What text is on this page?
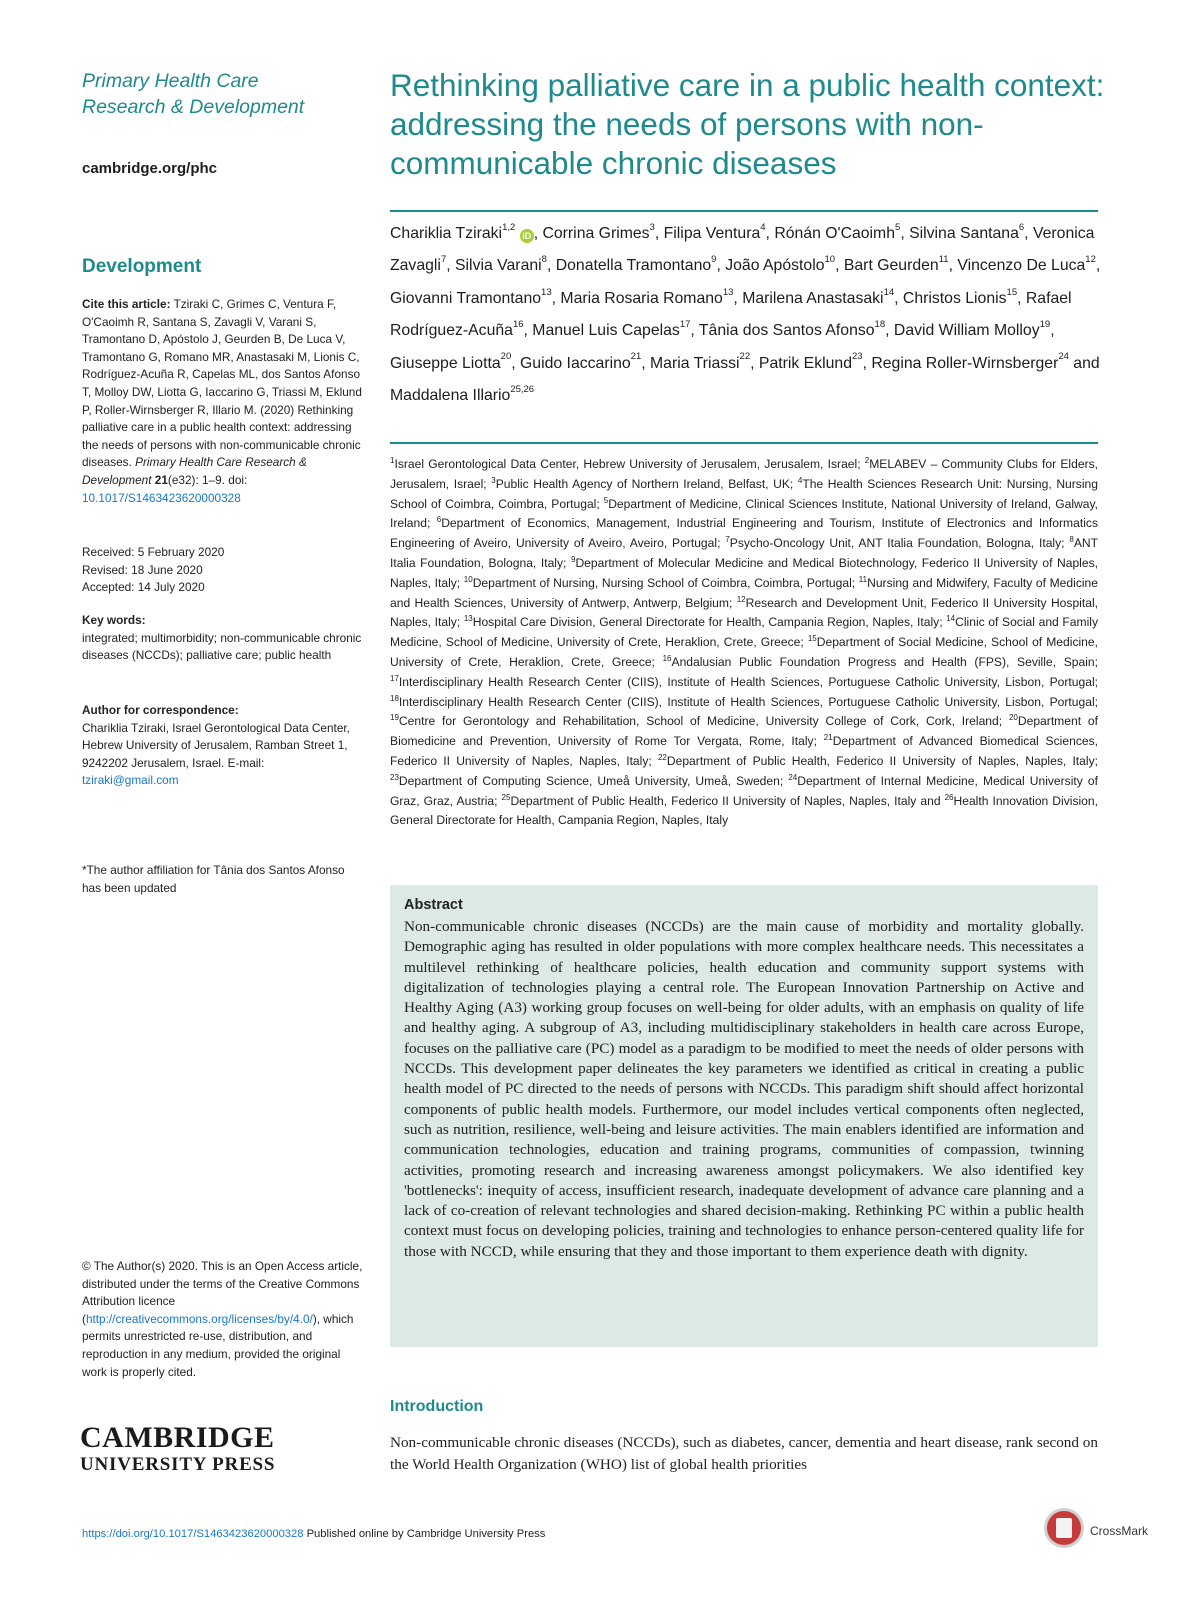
Primary Health Care
Research & Development
cambridge.org/phc
Development
Cite this article: Tziraki C, Grimes C, Ventura F, O'Caoimh R, Santana S, Zavagli V, Varani S, Tramontano D, Apóstolo J, Geurden B, De Luca V, Tramontano G, Romano MR, Anastasaki M, Lionis C, Rodríguez-Acuña R, Capelas ML, dos Santos Afonso T, Molloy DW, Liotta G, Iaccarino G, Triassi M, Eklund P, Roller-Wirnsberger R, Illario M. (2020) Rethinking palliative care in a public health context: addressing the needs of persons with non-communicable chronic diseases. Primary Health Care Research & Development 21(e32): 1–9. doi: 10.1017/S1463423620000328
Received: 5 February 2020
Revised: 18 June 2020
Accepted: 14 July 2020
Key words:
integrated; multimorbidity; non-communicable chronic diseases (NCCDs); palliative care; public health
Author for correspondence:
Chariklia Tziraki, Israel Gerontological Data Center, Hebrew University of Jerusalem, Ramban Street 1, 9242202 Jerusalem, Israel. E-mail: tziraki@gmail.com
*The author affiliation for Tânia dos Santos Afonso has been updated
© The Author(s) 2020. This is an Open Access article, distributed under the terms of the Creative Commons Attribution licence (http://creativecommons.org/licenses/by/4.0/), which permits unrestricted re-use, distribution, and reproduction in any medium, provided the original work is properly cited.
CAMBRIDGE
UNIVERSITY PRESS
Rethinking palliative care in a public health context: addressing the needs of persons with non-communicable chronic diseases
Chariklia Tziraki$^{1,2}$ iD , Corrina Grimes$^3$, Filipa Ventura$^4$, Rónán O'Caoimh$^5$, Silvina Santana$^6$, Veronica Zavagli$^7$, Silvia Varani$^8$, Donatella Tramontano$^9$, João Apóstolo$^{10}$, Bart Geurden$^{11}$, Vincenzo De Luca$^{12}$, Giovanni Tramontano$^{13}$, Maria Rosaria Romano$^{13}$, Marilena Anastasaki$^{14}$, Christos Lionis$^{15}$, Rafael Rodríguez-Acuña$^{16}$, Manuel Luis Capelas$^{17}$, Tânia dos Santos Afonso$^{18}$, David William Molloy$^{19}$, Giuseppe Liotta$^{20}$, Guido Iaccarino$^{21}$, Maria Triassi$^{22}$, Patrik Eklund$^{23}$, Regina Roller-Wirnsberger$^{24}$ and Maddalena Illario$^{25,26}$
$^1$Israel Gerontological Data Center, Hebrew University of Jerusalem, Jerusalem, Israel; $^2$MELABEV – Community Clubs for Elders, Jerusalem, Israel; $^3$Public Health Agency of Northern Ireland, Belfast, UK; $^4$The Health Sciences Research Unit: Nursing, Nursing School of Coimbra, Coimbra, Portugal; $^5$Department of Medicine, Clinical Sciences Institute, National University of Ireland, Galway, Ireland; $^6$Department of Economics, Management, Industrial Engineering and Tourism, Institute of Electronics and Informatics Engineering of Aveiro, University of Aveiro, Aveiro, Portugal; $^7$Psycho-Oncology Unit, ANT Italia Foundation, Bologna, Italy; $^8$ANT Italia Foundation, Bologna, Italy; $^9$Department of Molecular Medicine and Medical Biotechnology, Federico II University of Naples, Naples, Italy; $^{10}$Department of Nursing, Nursing School of Coimbra, Coimbra, Portugal; $^{11}$Nursing and Midwifery, Faculty of Medicine and Health Sciences, University of Antwerp, Antwerp, Belgium; $^{12}$Research and Development Unit, Federico II University Hospital, Naples, Italy; $^{13}$Hospital Care Division, General Directorate for Health, Campania Region, Naples, Italy; $^{14}$Clinic of Social and Family Medicine, School of Medicine, University of Crete, Heraklion, Crete, Greece; $^{15}$Department of Social Medicine, School of Medicine, University of Crete, Heraklion, Crete, Greece; $^{16}$Andalusian Public Foundation Progress and Health (FPS), Seville, Spain; $^{17}$Interdisciplinary Health Research Center (CIIS), Institute of Health Sciences, Portuguese Catholic University, Lisbon, Portugal; $^{18}$Interdisciplinary Health Research Center (CIIS), Institute of Health Sciences, Portuguese Catholic University, Lisbon, Portugal; $^{19}$Centre for Gerontology and Rehabilitation, School of Medicine, University College of Cork, Cork, Ireland; $^{20}$Department of Biomedicine and Prevention, University of Rome Tor Vergata, Rome, Italy; $^{21}$Department of Advanced Biomedical Sciences, Federico II University of Naples, Naples, Italy; $^{22}$Department of Public Health, Federico II University of Naples, Naples, Italy; $^{23}$Department of Computing Science, Umeå University, Umeå, Sweden; $^{24}$Department of Internal Medicine, Medical University of Graz, Graz, Austria; $^{25}$Department of Public Health, Federico II University of Naples, Naples, Italy and $^{26}$Health Innovation Division, General Directorate for Health, Campania Region, Naples, Italy
Abstract
Non-communicable chronic diseases (NCCDs) are the main cause of morbidity and mortality globally. Demographic aging has resulted in older populations with more complex healthcare needs. This necessitates a multilevel rethinking of healthcare policies, health education and community support systems with digitalization of technologies playing a central role. The European Innovation Partnership on Active and Healthy Aging (A3) working group focuses on well-being for older adults, with an emphasis on quality of life and healthy aging. A subgroup of A3, including multidisciplinary stakeholders in health care across Europe, focuses on the palliative care (PC) model as a paradigm to be modified to meet the needs of older persons with NCCDs. This development paper delineates the key parameters we identified as critical in creating a public health model of PC directed to the needs of persons with NCCDs. This paradigm shift should affect horizontal components of public health models. Furthermore, our model includes vertical components often neglected, such as nutrition, resilience, well-being and leisure activities. The main enablers identified are information and communication technologies, education and training programs, communities of compassion, twinning activities, promoting research and increasing awareness amongst policymakers. We also identified key 'bottlenecks': inequity of access, insufficient research, inadequate development of advance care planning and a lack of co-creation of relevant technologies and shared decision-making. Rethinking PC within a public health context must focus on developing policies, training and technologies to enhance person-centered quality life for those with NCCD, while ensuring that they and those important to them experience death with dignity.
Introduction
Non-communicable chronic diseases (NCCDs), such as diabetes, cancer, dementia and heart disease, rank second on the World Health Organization (WHO) list of global health priorities
https://doi.org/10.1017/S1463423620000328 Published online by Cambridge University Press	CrossMark
